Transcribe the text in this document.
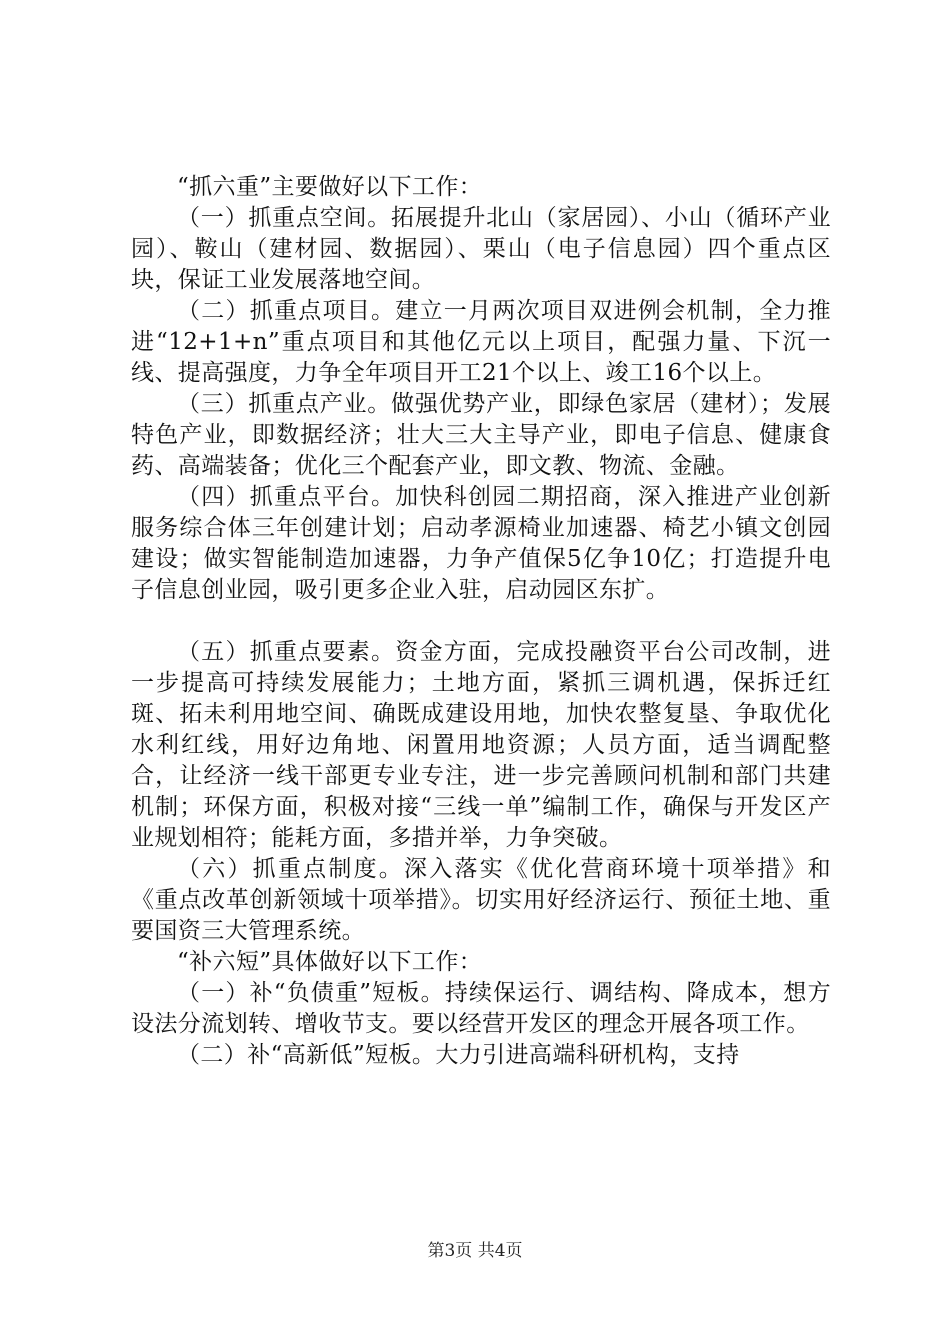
“抓六重”主要做好以下工作：

（一）抓重点空间。拓展提升北山（家居园）、小山（循环产业园）、鞍山（建材园、数据园）、栗山（电子信息园）四个重点区块，保证工业发展落地空间。

（二）抓重点项目。建立一月两次项目双进例会机制，全力推进“12+1+n”重点项目和其他亿元以上项目，配强力量、下沉一线、提高强度，力争全年项目开工21个以上、竣工16个以上。

（三）抓重点产业。做强优势产业，即绿色家居（建材）；发展特色产业，即数据经济；壮大三大主导产业，即电子信息、健康食药、高端装备；优化三个配套产业，即文教、物流、金融。

（四）抓重点平台。加快科创园二期招商，深入推进产业创新服务综合体三年创建计划；启动孝源椅业加速器、椅艺小镇文创园建设；做实智能制造加速器，力争产值保5亿争10亿；打造提升电子信息创业园，吸引更多企业入驻，启动园区东扩。

（五）抓重点要素。资金方面，完成投融资平台公司改制，进一步提高可持续发展能力；土地方面，紧抓三调机遇，保拆迁红斑、拓未利用地空间、确既成建设用地，加快农整复垦、争取优化水利红线，用好边角地、闲置用地资源；人员方面，适当调配整合，让经济一线干部更专业专注，进一步完善顾问机制和部门共建机制；环保方面，积极对接“三线一单”编制工作，确保与开发区产业规划相符；能耗方面，多措并举，力争突破。

（六）抓重点制度。深入落实《优化营商环境十项举措》和《重点改革创新领域十项举措》。切实用好经济运行、预征土地、重要国资三大管理系统。

“补六短”具体做好以下工作：

（一）补“负债重”短板。持续保运行、调结构、降成本，想方设法分流划转、增收节支。要以经营开发区的理念开展各项工作。

（二）补“高新低”短板。大力引进高端科研机构，支持

第3页 共4页
